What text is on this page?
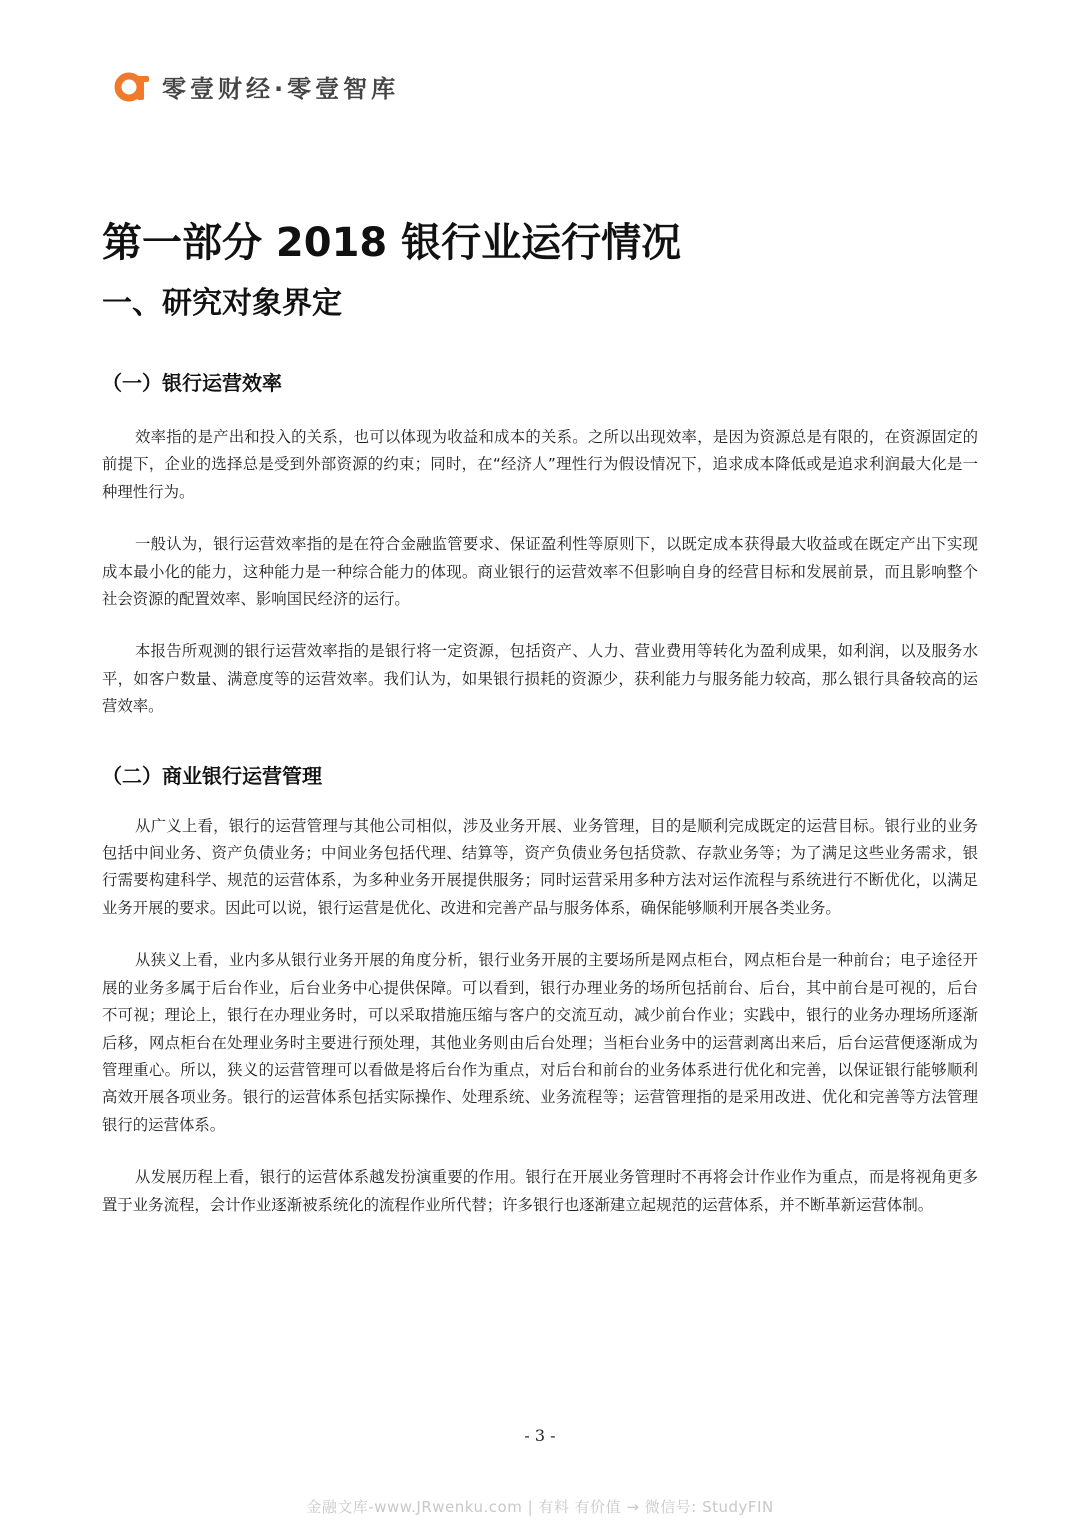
零壹财经·零壹智库
第一部分 2018 银行业运行情况
一、研究对象界定
（一）银行运营效率

效率指的是产出和投入的关系，也可以体现为收益和成本的关系。之所以出现效率，是因为资源总是有限的，在资源固定的前提下，企业的选择总是受到外部资源的约束；同时，在“经济人”理性行为假设情况下，追求成本降低或是追求利润最大化是一种理性行为。

一般认为，银行运营效率指的是在符合金融监管要求、保证盈利性等原则下，以既定成本获得最大收益或在既定产出下实现成本最小化的能力，这种能力是一种综合能力的体现。商业银行的运营效率不但影响自身的经营目标和发展前景，而且影响整个社会资源的配置效率、影响国民经济的运行。

本报告所观测的银行运营效率指的是银行将一定资源，包括资产、人力、营业费用等转化为盈利成果，如利润，以及服务水平，如客户数量、满意度等的运营效率。我们认为，如果银行损耗的资源少，获利能力与服务能力较高，那么银行具备较高的运营效率。

（二）商业银行运营管理

从广义上看，银行的运营管理与其他公司相似，涉及业务开展、业务管理，目的是顺利完成既定的运营目标。银行业的业务包括中间业务、资产负债业务；中间业务包括代理、结算等，资产负债业务包括贷款、存款业务等；为了满足这些业务需求，银行需要构建科学、规范的运营体系，为多种业务开展提供服务；同时运营采用多种方法对运作流程与系统进行不断优化，以满足业务开展的要求。因此可以说，银行运营是优化、改进和完善产品与服务体系，确保能够顺利开展各类业务。

从狭义上看，业内多从银行业务开展的角度分析，银行业务开展的主要场所是网点柜台，网点柜台是一种前台；电子途径开展的业务多属于后台作业，后台业务中心提供保障。可以看到，银行办理业务的场所包括前台、后台，其中前台是可视的，后台不可视；理论上，银行在办理业务时，可以采取措施压缩与客户的交流互动，减少前台作业；实践中，银行的业务办理场所逐渐后移，网点柜台在处理业务时主要进行预处理，其他业务则由后台处理；当柜台业务中的运营剥离出来后，后台运营便逐渐成为管理重心。所以，狭义的运营管理可以看做是将后台作为重点，对后台和前台的业务体系进行优化和完善，以保证银行能够顺利高效开展各项业务。银行的运营体系包括实际操作、处理系统、业务流程等；运营管理指的是采用改进、优化和完善等方法管理银行的运营体系。

从发展历程上看，银行的运营体系越发扮演重要的作用。银行在开展业务管理时不再将会计作业作为重点，而是将视角更多置于业务流程，会计作业逐渐被系统化的流程作业所代替；许多银行也逐渐建立起规范的运营体系，并不断革新运营体制。

- 3 -
金融文库-www.JRwenku.com | 有料 有价值 → 微信号: StudyFIN
